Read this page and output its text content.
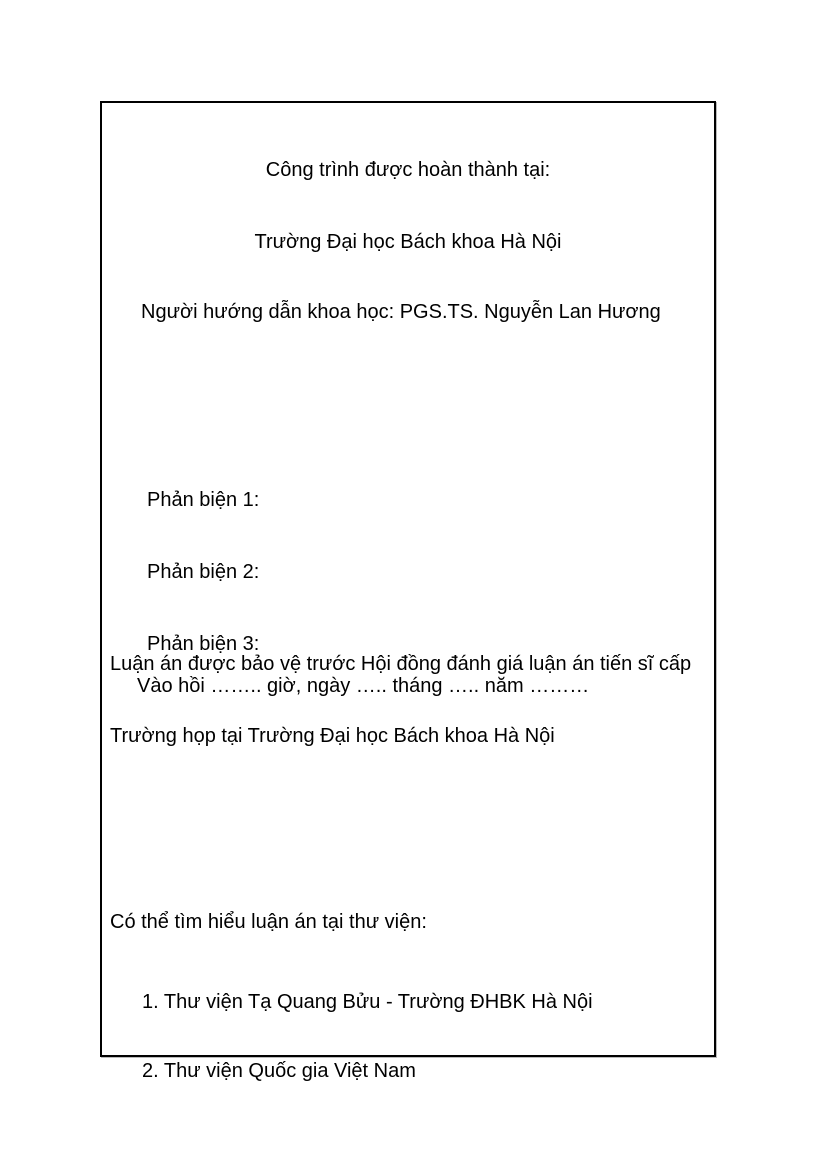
Công trình được hoàn thành tại:

Trường Đại học Bách khoa Hà Nội

Người hướng dẫn khoa học: PGS.TS. Nguyễn Lan Hương

Phản biện 1:

Phản biện 2:

Phản biện 3:

Luận án được bảo vệ trước Hội đồng đánh giá luận án tiến sĩ cấp

Trường họp tại Trường Đại học Bách khoa Hà Nội

Vào hồi …….. giờ, ngày ….. tháng ….. năm ………
Có thể tìm hiểu luận án tại thư viện:

1. Thư viện Tạ Quang Bửu - Trường ĐHBK Hà Nội

2. Thư viện Quốc gia Việt Nam
